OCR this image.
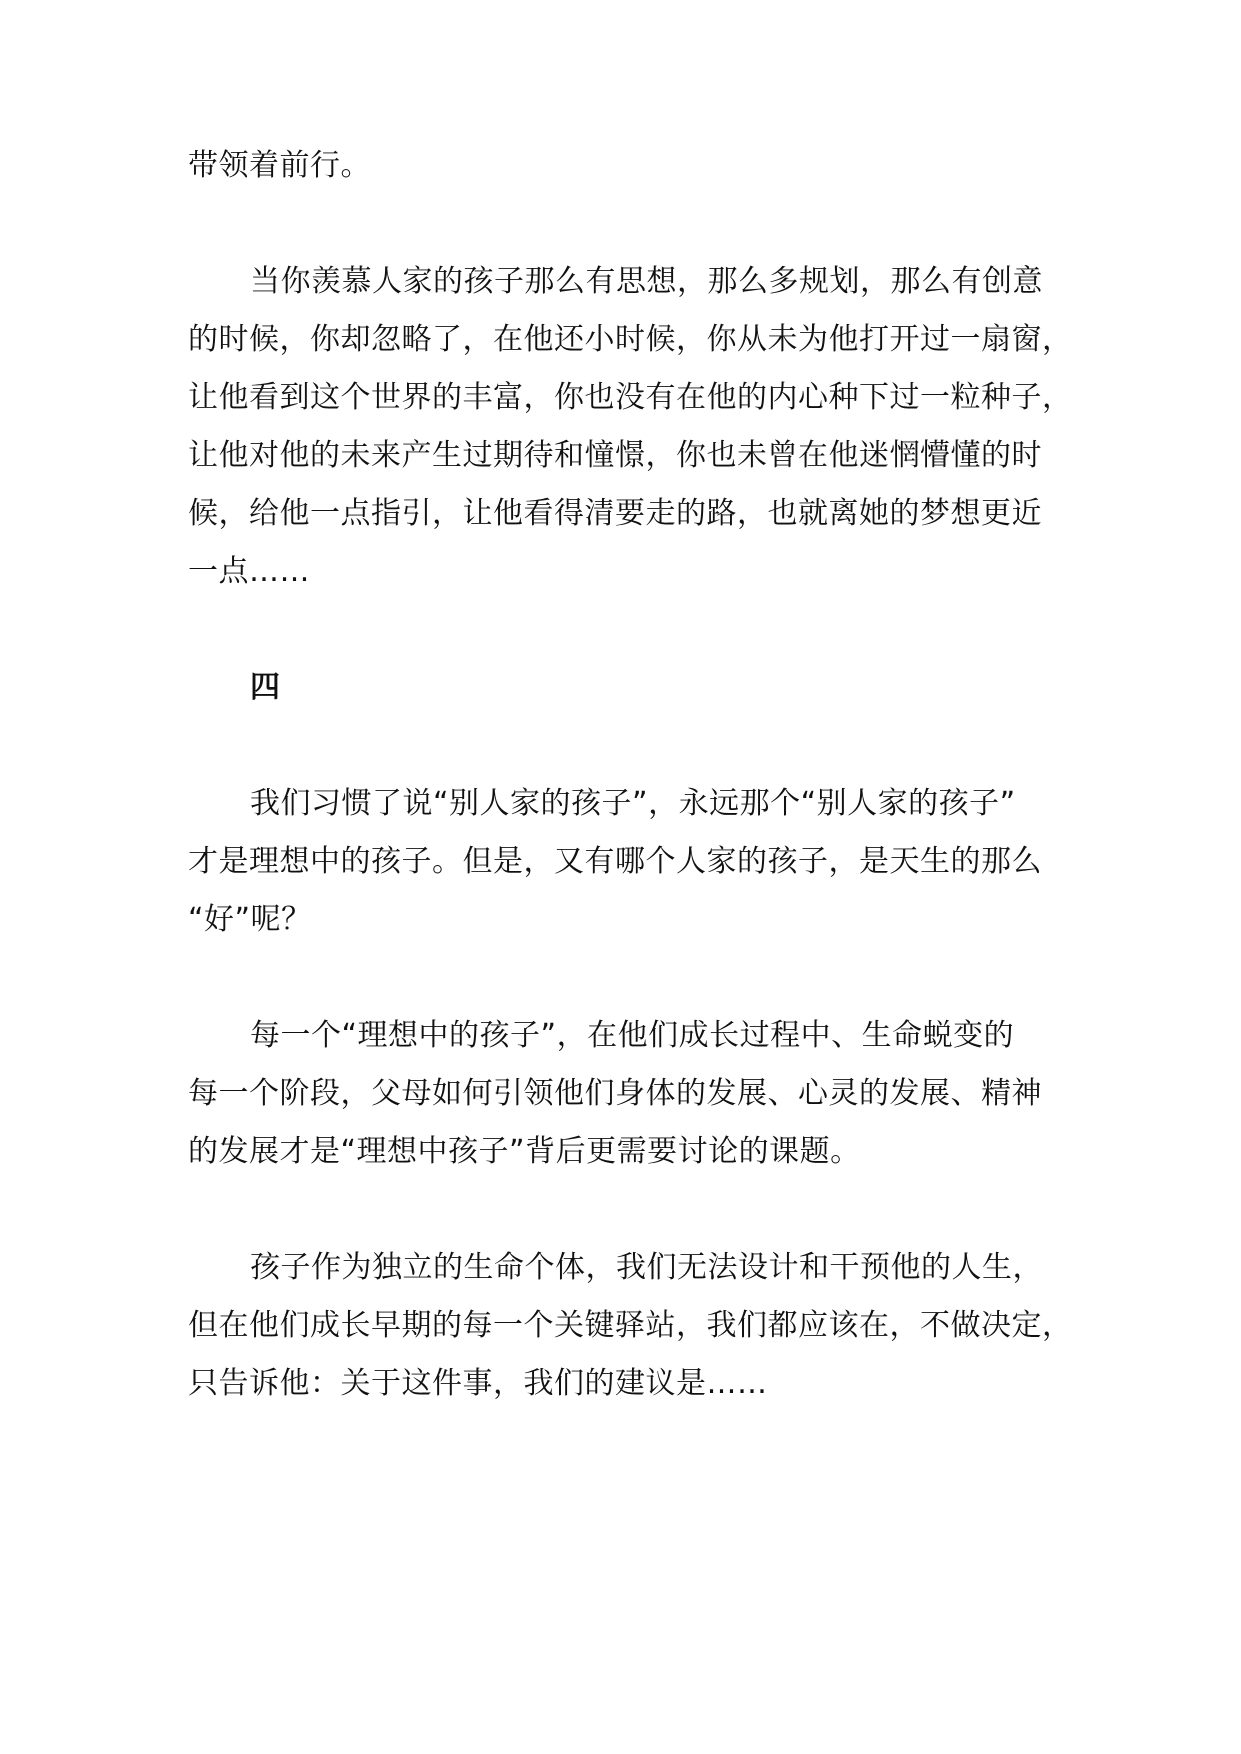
带领着前行。
当你羡慕人家的孩子那么有思想，那么多规划，那么有创意
的时候，你却忽略了，在他还小时候，你从未为他打开过一扇窗，
让他看到这个世界的丰富，你也没有在他的内心种下过一粒种子，
让他对他的未来产生过期待和憧憬，你也未曾在他迷惘懵懂的时
候，给他一点指引，让他看得清要走的路，也就离她的梦想更近
一点……
四
我们习惯了说“别人家的孩子”，永远那个“别人家的孩子”
才是理想中的孩子。但是，又有哪个人家的孩子，是天生的那么
“好”呢？
每一个“理想中的孩子”，在他们成长过程中、生命蜕变的
每一个阶段，父母如何引领他们身体的发展、心灵的发展、精神
的发展才是“理想中孩子”背后更需要讨论的课题。
孩子作为独立的生命个体，我们无法设计和干预他的人生，
但在他们成长早期的每一个关键驿站，我们都应该在，不做决定，
只告诉他：关于这件事，我们的建议是……
